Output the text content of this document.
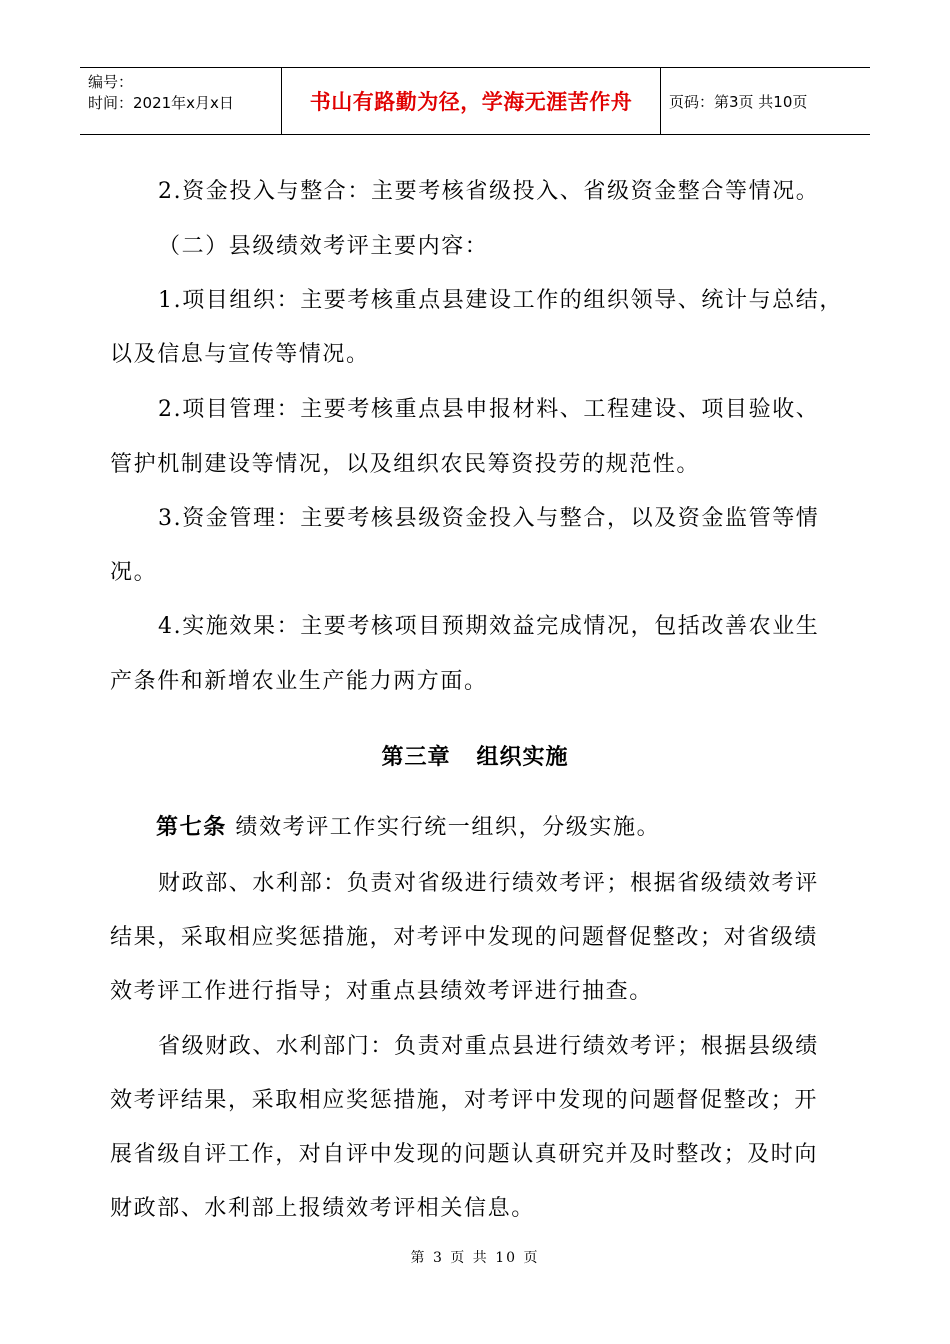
编号：
时间：2021年x月x日	书山有路勤为径，学海无涯苦作舟	页码：第3页 共10页
2.资金投入与整合：主要考核省级投入、省级资金整合等情况。
（二）县级绩效考评主要内容：
1.项目组织：主要考核重点县建设工作的组织领导、统计与总结，
以及信息与宣传等情况。
2.项目管理：主要考核重点县申报材料、工程建设、项目验收、
管护机制建设等情况，以及组织农民筹资投劳的规范性。
3.资金管理：主要考核县级资金投入与整合，以及资金监管等情
况。
4.实施效果：主要考核项目预期效益完成情况，包括改善农业生
产条件和新增农业生产能力两方面。
第三章   组织实施
第七条 绩效考评工作实行统一组织，分级实施。
财政部、水利部：负责对省级进行绩效考评；根据省级绩效考评
结果，采取相应奖惩措施，对考评中发现的问题督促整改；对省级绩
效考评工作进行指导；对重点县绩效考评进行抽查。
省级财政、水利部门：负责对重点县进行绩效考评；根据县级绩
效考评结果，采取相应奖惩措施，对考评中发现的问题督促整改；开
展省级自评工作，对自评中发现的问题认真研究并及时整改；及时向
财政部、水利部上报绩效考评相关信息。
第 3 页 共 10 页
